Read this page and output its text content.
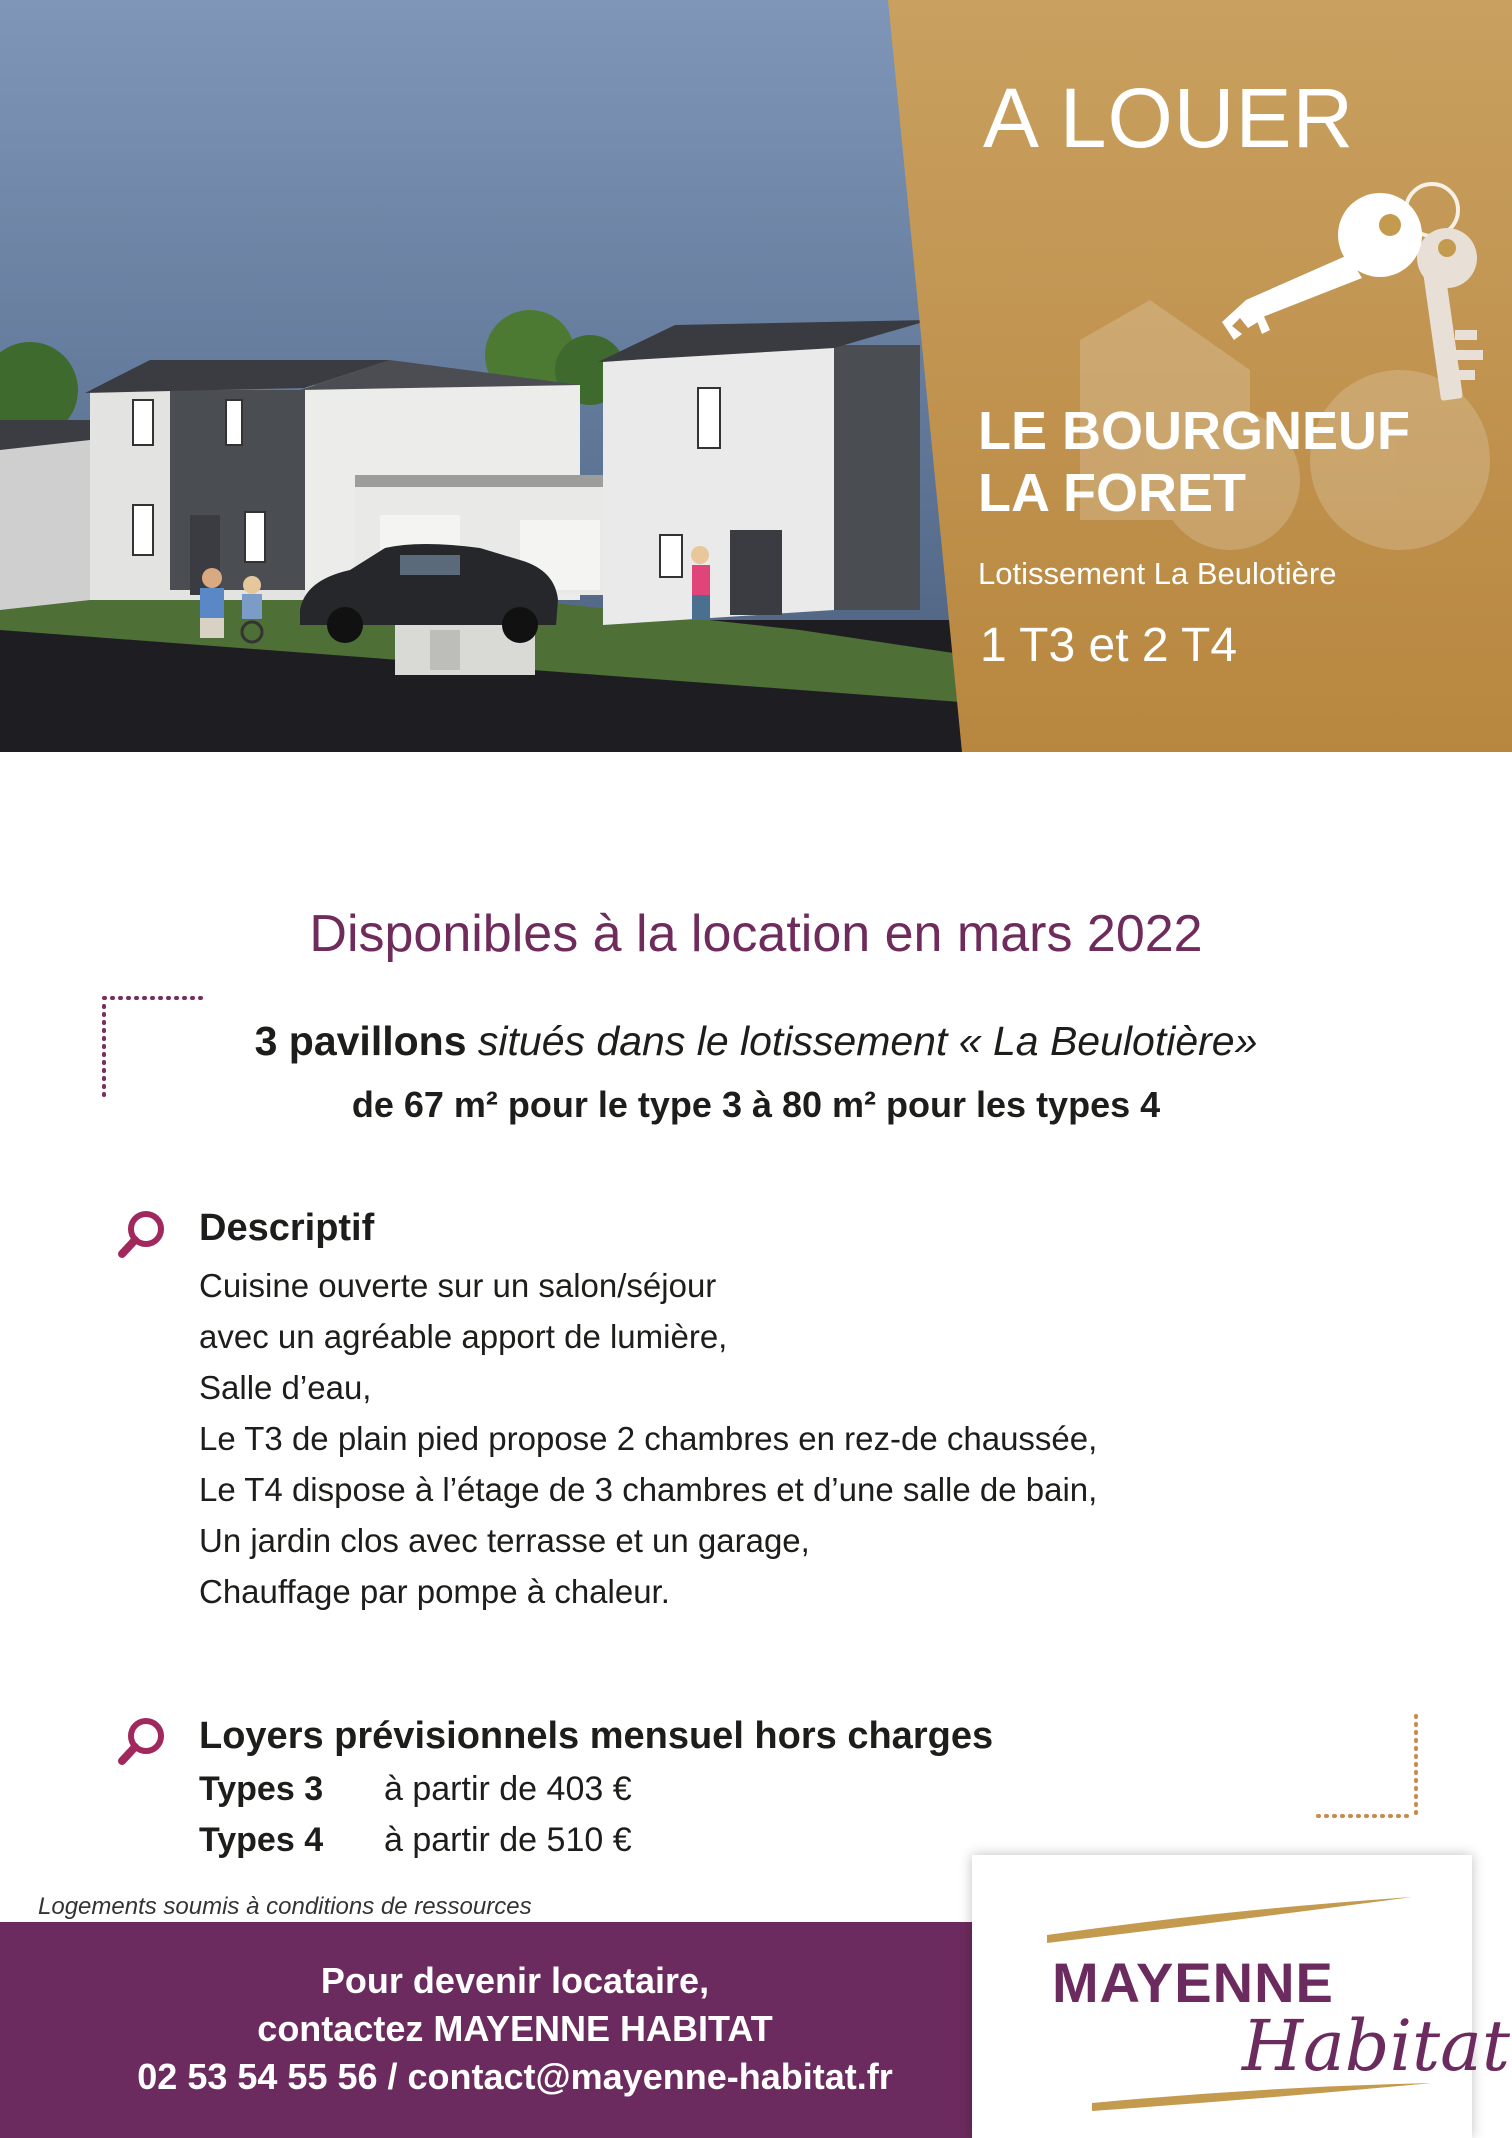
A LOUER
LE BOURGNEUF
LA FORET
Lotissement La Beulotière
1 T3 et 2 T4
Disponibles à la location en mars 2022
3 pavillons situés dans le lotissement « La Beulotière»
de 67 m² pour le type 3 à 80 m² pour les types 4
Descriptif
Cuisine ouverte sur un salon/séjour
avec un agréable apport de lumière,
Salle d’eau,
Le T3 de plain pied propose 2 chambres en rez-de chaussée,
Le T4 dispose à l’étage de 3 chambres et d’une salle de bain,
Un jardin clos avec terrasse et un garage,
Chauffage par pompe à chaleur.
Loyers prévisionnels mensuel hors charges
Types 3 à partir de 403 €
Types 4 à partir de 510 €
Logements soumis à conditions de ressources
Pour devenir locataire,
contactez MAYENNE HABITAT
02 53 54 55 56 / contact@mayenne-habitat.fr
MAYENNE
Habitat
